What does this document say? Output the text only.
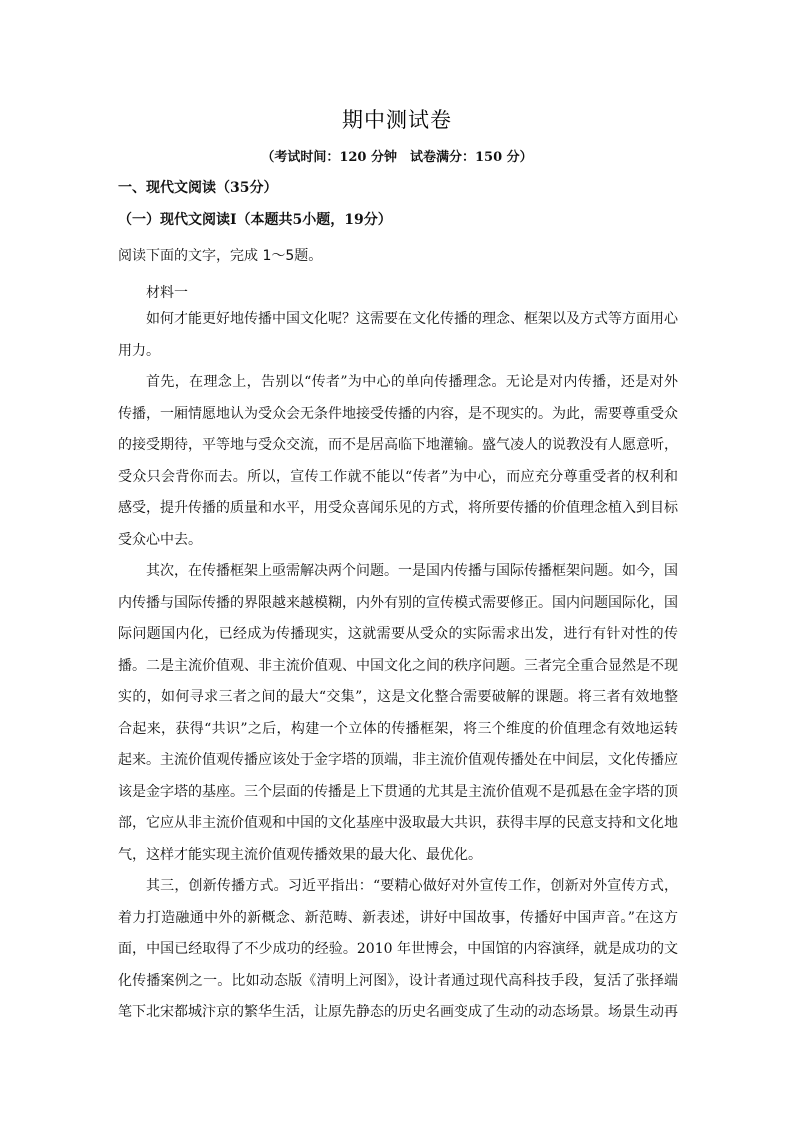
期中测试卷
（考试时间：120 分钟　试卷满分：150 分）
一、现代文阅读（35分）
（一）现代文阅读Ⅰ（本题共5小题，19分）
阅读下面的文字，完成 1～5题。
材料一

如何才能更好地传播中国文化呢？这需要在文化传播的理念、框架以及方式等方面用心用力。

首先，在理念上，告别以“传者”为中心的单向传播理念。无论是对内传播，还是对外传播，一厢情愿地认为受众会无条件地接受传播的内容，是不现实的。为此，需要尊重受众的接受期待，平等地与受众交流，而不是居高临下地灌输。盛气凌人的说教没有人愿意听，受众只会背你而去。所以，宣传工作就不能以“传者”为中心，而应充分尊重受者的权利和感受，提升传播的质量和水平，用受众喜闻乐见的方式，将所要传播的价值理念植入到目标受众心中去。

其次，在传播框架上亟需解决两个问题。一是国内传播与国际传播框架问题。如今，国内传播与国际传播的界限越来越模糊，内外有别的宣传模式需要修正。国内问题国际化，国际问题国内化，已经成为传播现实，这就需要从受众的实际需求出发，进行有针对性的传播。二是主流价值观、非主流价值观、中国文化之间的秩序问题。三者完全重合显然是不现实的，如何寻求三者之间的最大“交集”，这是文化整合需要破解的课题。将三者有效地整合起来，获得“共识”之后，构建一个立体的传播框架，将三个维度的价值理念有效地运转起来。主流价值观传播应该处于金字塔的顶端，非主流价值观传播处在中间层，文化传播应该是金字塔的基座。三个层面的传播是上下贯通的尤其是主流价值观不是孤悬在金字塔的顶部，它应从非主流价值观和中国的文化基座中汲取最大共识，获得丰厚的民意支持和文化地气，这样才能实现主流价值观传播效果的最大化、最优化。

其三，创新传播方式。习近平指出：“要精心做好对外宣传工作，创新对外宣传方式，着力打造融通中外的新概念、新范畴、新表述，讲好中国故事，传播好中国声音。”在这方面，中国已经取得了不少成功的经验。2010 年世博会，中国馆的内容演绎，就是成功的文化传播案例之一。比如动态版《清明上河图》，设计者通过现代高科技手段，复活了张择端笔下北宋都城汴京的繁华生活，让原先静态的历史名画变成了生动的动态场景。场景生动再
